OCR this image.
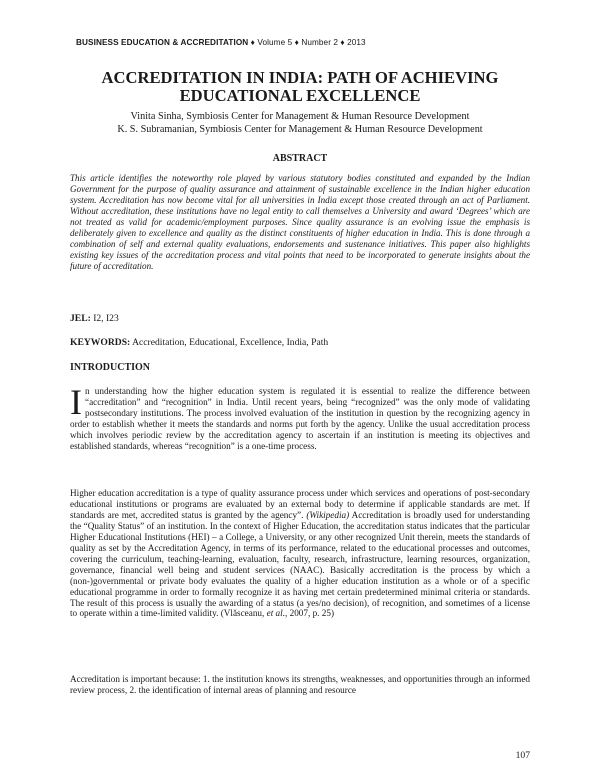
BUSINESS EDUCATION & ACCREDITATION ♦ Volume 5 ♦ Number 2 ♦ 2013
ACCREDITATION IN INDIA: PATH OF ACHIEVING
EDUCATIONAL EXCELLENCE
Vinita Sinha, Symbiosis Center for Management & Human Resource Development
K. S. Subramanian, Symbiosis Center for Management & Human Resource Development
ABSTRACT
This article identifies the noteworthy role played by various statutory bodies constituted and expanded by the Indian Government for the purpose of quality assurance and attainment of sustainable excellence in the Indian higher education system. Accreditation has now become vital for all universities in India except those created through an act of Parliament. Without accreditation, these institutions have no legal entity to call themselves a University and award ‘Degrees’ which are not treated as valid for academic/employment purposes. Since quality assurance is an evolving issue the emphasis is deliberately given to excellence and quality as the distinct constituents of higher education in India. This is done through a combination of self and external quality evaluations, endorsements and sustenance initiatives. This paper also highlights existing key issues of the accreditation process and vital points that need to be incorporated to generate insights about the future of accreditation.
JEL: I2, I23
KEYWORDS: Accreditation, Educational, Excellence, India, Path
INTRODUCTION
In understanding how the higher education system is regulated it is essential to realize the difference between “accreditation” and “recognition” in India. Until recent years, being “recognized” was the only mode of validating postsecondary institutions. The process involved evaluation of the institution in question by the recognizing agency in order to establish whether it meets the standards and norms put forth by the agency. Unlike the usual accreditation process which involves periodic review by the accreditation agency to ascertain if an institution is meeting its objectives and established standards, whereas “recognition” is a one-time process.
Higher education accreditation is a type of quality assurance process under which services and operations of post-secondary educational institutions or programs are evaluated by an external body to determine if applicable standards are met. If standards are met, accredited status is granted by the agency”. (Wikipedia) Accreditation is broadly used for understanding the “Quality Status” of an institution. In the context of Higher Education, the accreditation status indicates that the particular Higher Educational Institutions (HEI) – a College, a University, or any other recognized Unit therein, meets the standards of quality as set by the Accreditation Agency, in terms of its performance, related to the educational processes and outcomes, covering the curriculum, teaching-learning, evaluation, faculty, research, infrastructure, learning resources, organization, governance, financial well being and student services (NAAC). Basically accreditation is the process by which a (non-)governmental or private body evaluates the quality of a higher education institution as a whole or of a specific educational programme in order to formally recognize it as having met certain predetermined minimal criteria or standards. The result of this process is usually the awarding of a status (a yes/no decision), of recognition, and sometimes of a license to operate within a time-limited validity. (Vlăsceanu, et al., 2007, p. 25)
Accreditation is important because: 1. the institution knows its strengths, weaknesses, and opportunities through an informed review process, 2. the identification of internal areas of planning and resource
107
